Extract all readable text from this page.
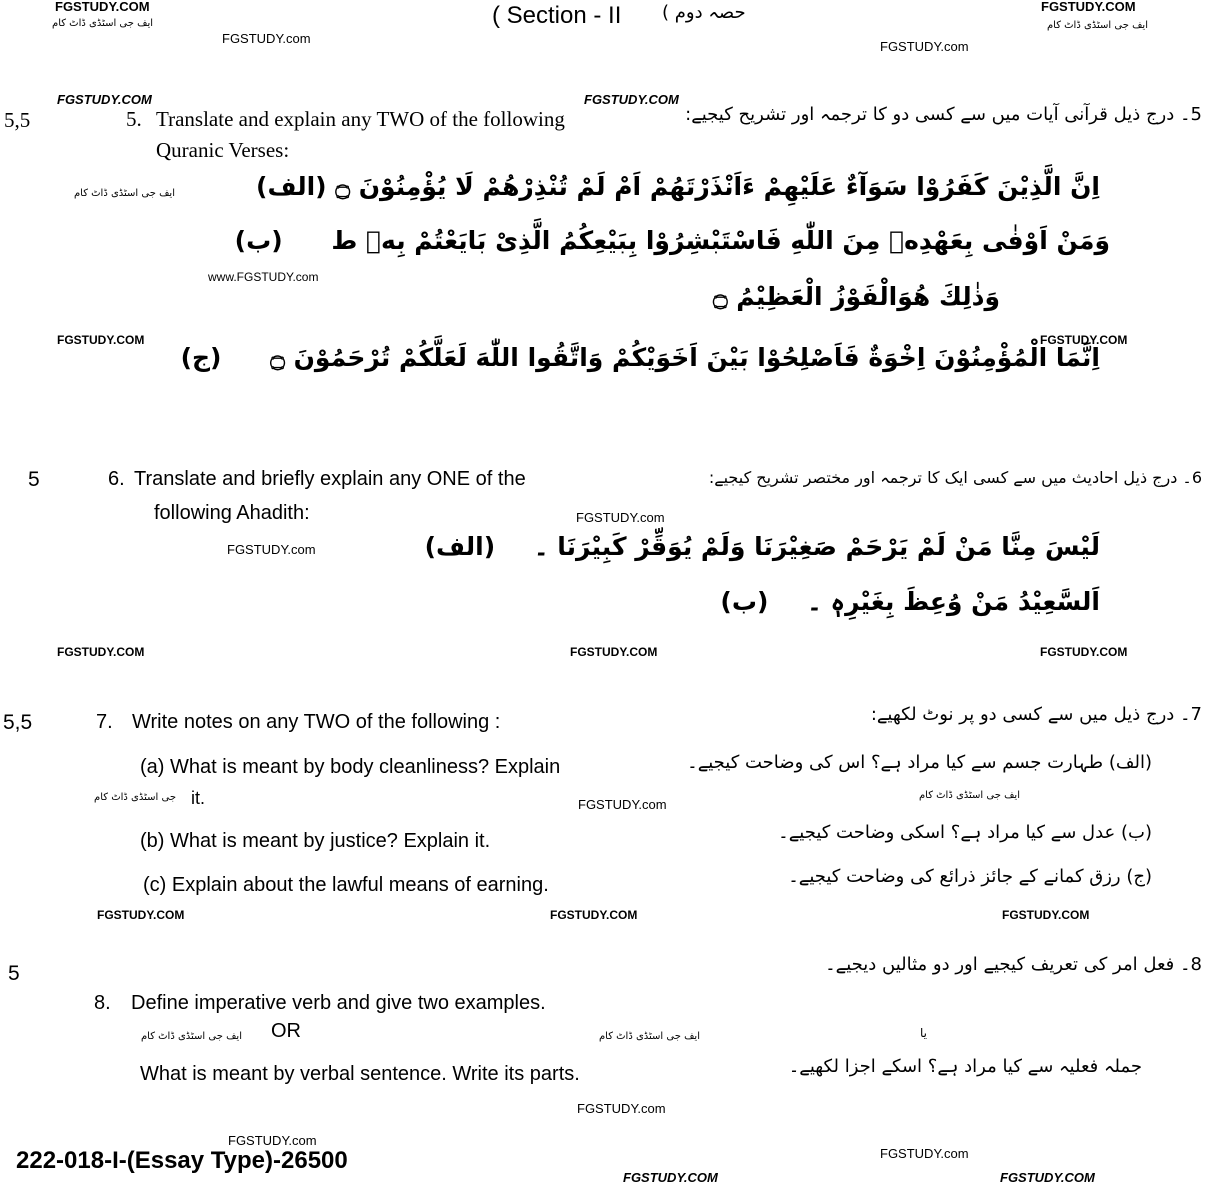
FGSTUDY.COM
ایف جی اسٹڈی ڈاٹ کام
FGSTUDY.com
( Section - II حصہ دوم )	FGSTUDY.COM
ایف جی اسٹڈی ڈاٹ کام
FGSTUDY.com
FGSTUDY.COM	FGSTUDY.COM
5,5	5. Translate and explain any TWO of the following
Quranic Verses:
5۔ درج ذیل قرآنی آیات میں سے کسی دو کا ترجمہ اور تشریح کیجیے:
ایف جی اسٹڈی ڈاٹ کام	اِنَّ الَّذِیْنَ کَفَرُوْا سَوَآءٌ عَلَیْهِمْ ءَاَنْذَرْتَهُمْ اَمْ لَمْ تُنْذِرْهُمْ لَا یُؤْمِنُوْنَ ۝ (الف)
وَمَنْ اَوْفٰی بِعَهْدِهٖ مِنَ اللّٰهِ فَاسْتَبْشِرُوْا بِبَیْعِكُمُ الَّذِیْ بَایَعْتُمْ بِهٖ ط (ب)
www.FGSTUDY.com
وَذٰلِكَ هُوَالْفَوْزُ الْعَظِیْمُ ۝
FGSTUDY.COM	FGSTUDY.COM
اِنَّمَا الْمُؤْمِنُوْنَ اِخْوَةٌ فَاَصْلِحُوْا بَیْنَ اَخَوَیْكُمْ وَاتَّقُوا اللّٰهَ لَعَلَّكُمْ تُرْحَمُوْنَ ۝ (ج)
5	6. Translate and briefly explain any ONE of the
following Ahadith:
6۔ درج ذیل احادیث میں سے کسی ایک کا ترجمہ اور مختصر تشریح کیجیے:
FGSTUDY.com
FGSTUDY.com	لَیْسَ مِنَّا مَنْ لَمْ یَرْحَمْ صَغِیْرَنَا وَلَمْ یُوَقِّرْ كَبِیْرَنَا ۔ (الف)
اَلسَّعِیْدُ مَنْ وُعِظَ بِغَیْرِهٖ ۔ (ب)
FGSTUDY.COM	FGSTUDY.COM	FGSTUDY.COM
5,5	7. Write notes on any TWO of the following :	7۔ درج ذیل میں سے کسی دو پر نوٹ لکھیے:
(a) What is meant by body cleanliness? Explain
جی اسٹڈی ڈاٹ کام it.	FGSTUDY.com
(الف) طہارت جسم سے کیا مراد ہے؟ اس کی وضاحت کیجیے۔
ایف جی اسٹڈی ڈاٹ کام
(b) What is meant by justice? Explain it.	(ب) عدل سے کیا مراد ہے؟ اسکی وضاحت کیجیے۔
(c) Explain about the lawful means of earning.	(ج) رزق کمانے کے جائز ذرائع کی وضاحت کیجیے۔
FGSTUDY.COM	FGSTUDY.COM	FGSTUDY.COM
5	8۔ فعل امر کی تعریف کیجیے اور دو مثالیں دیجیے۔
8. Define imperative verb and give two examples.
ایف جی اسٹڈی ڈاٹ کام OR	ایف جی اسٹڈی ڈاٹ کام	یا
What is meant by verbal sentence. Write its parts.	جملہ فعلیہ سے کیا مراد ہے؟ اسکے اجزا لکھیے۔
FGSTUDY.com
FGSTUDY.com
222-018-I-(Essay Type)-26500	FGSTUDY.com
FGSTUDY.COM	FGSTUDY.COM
